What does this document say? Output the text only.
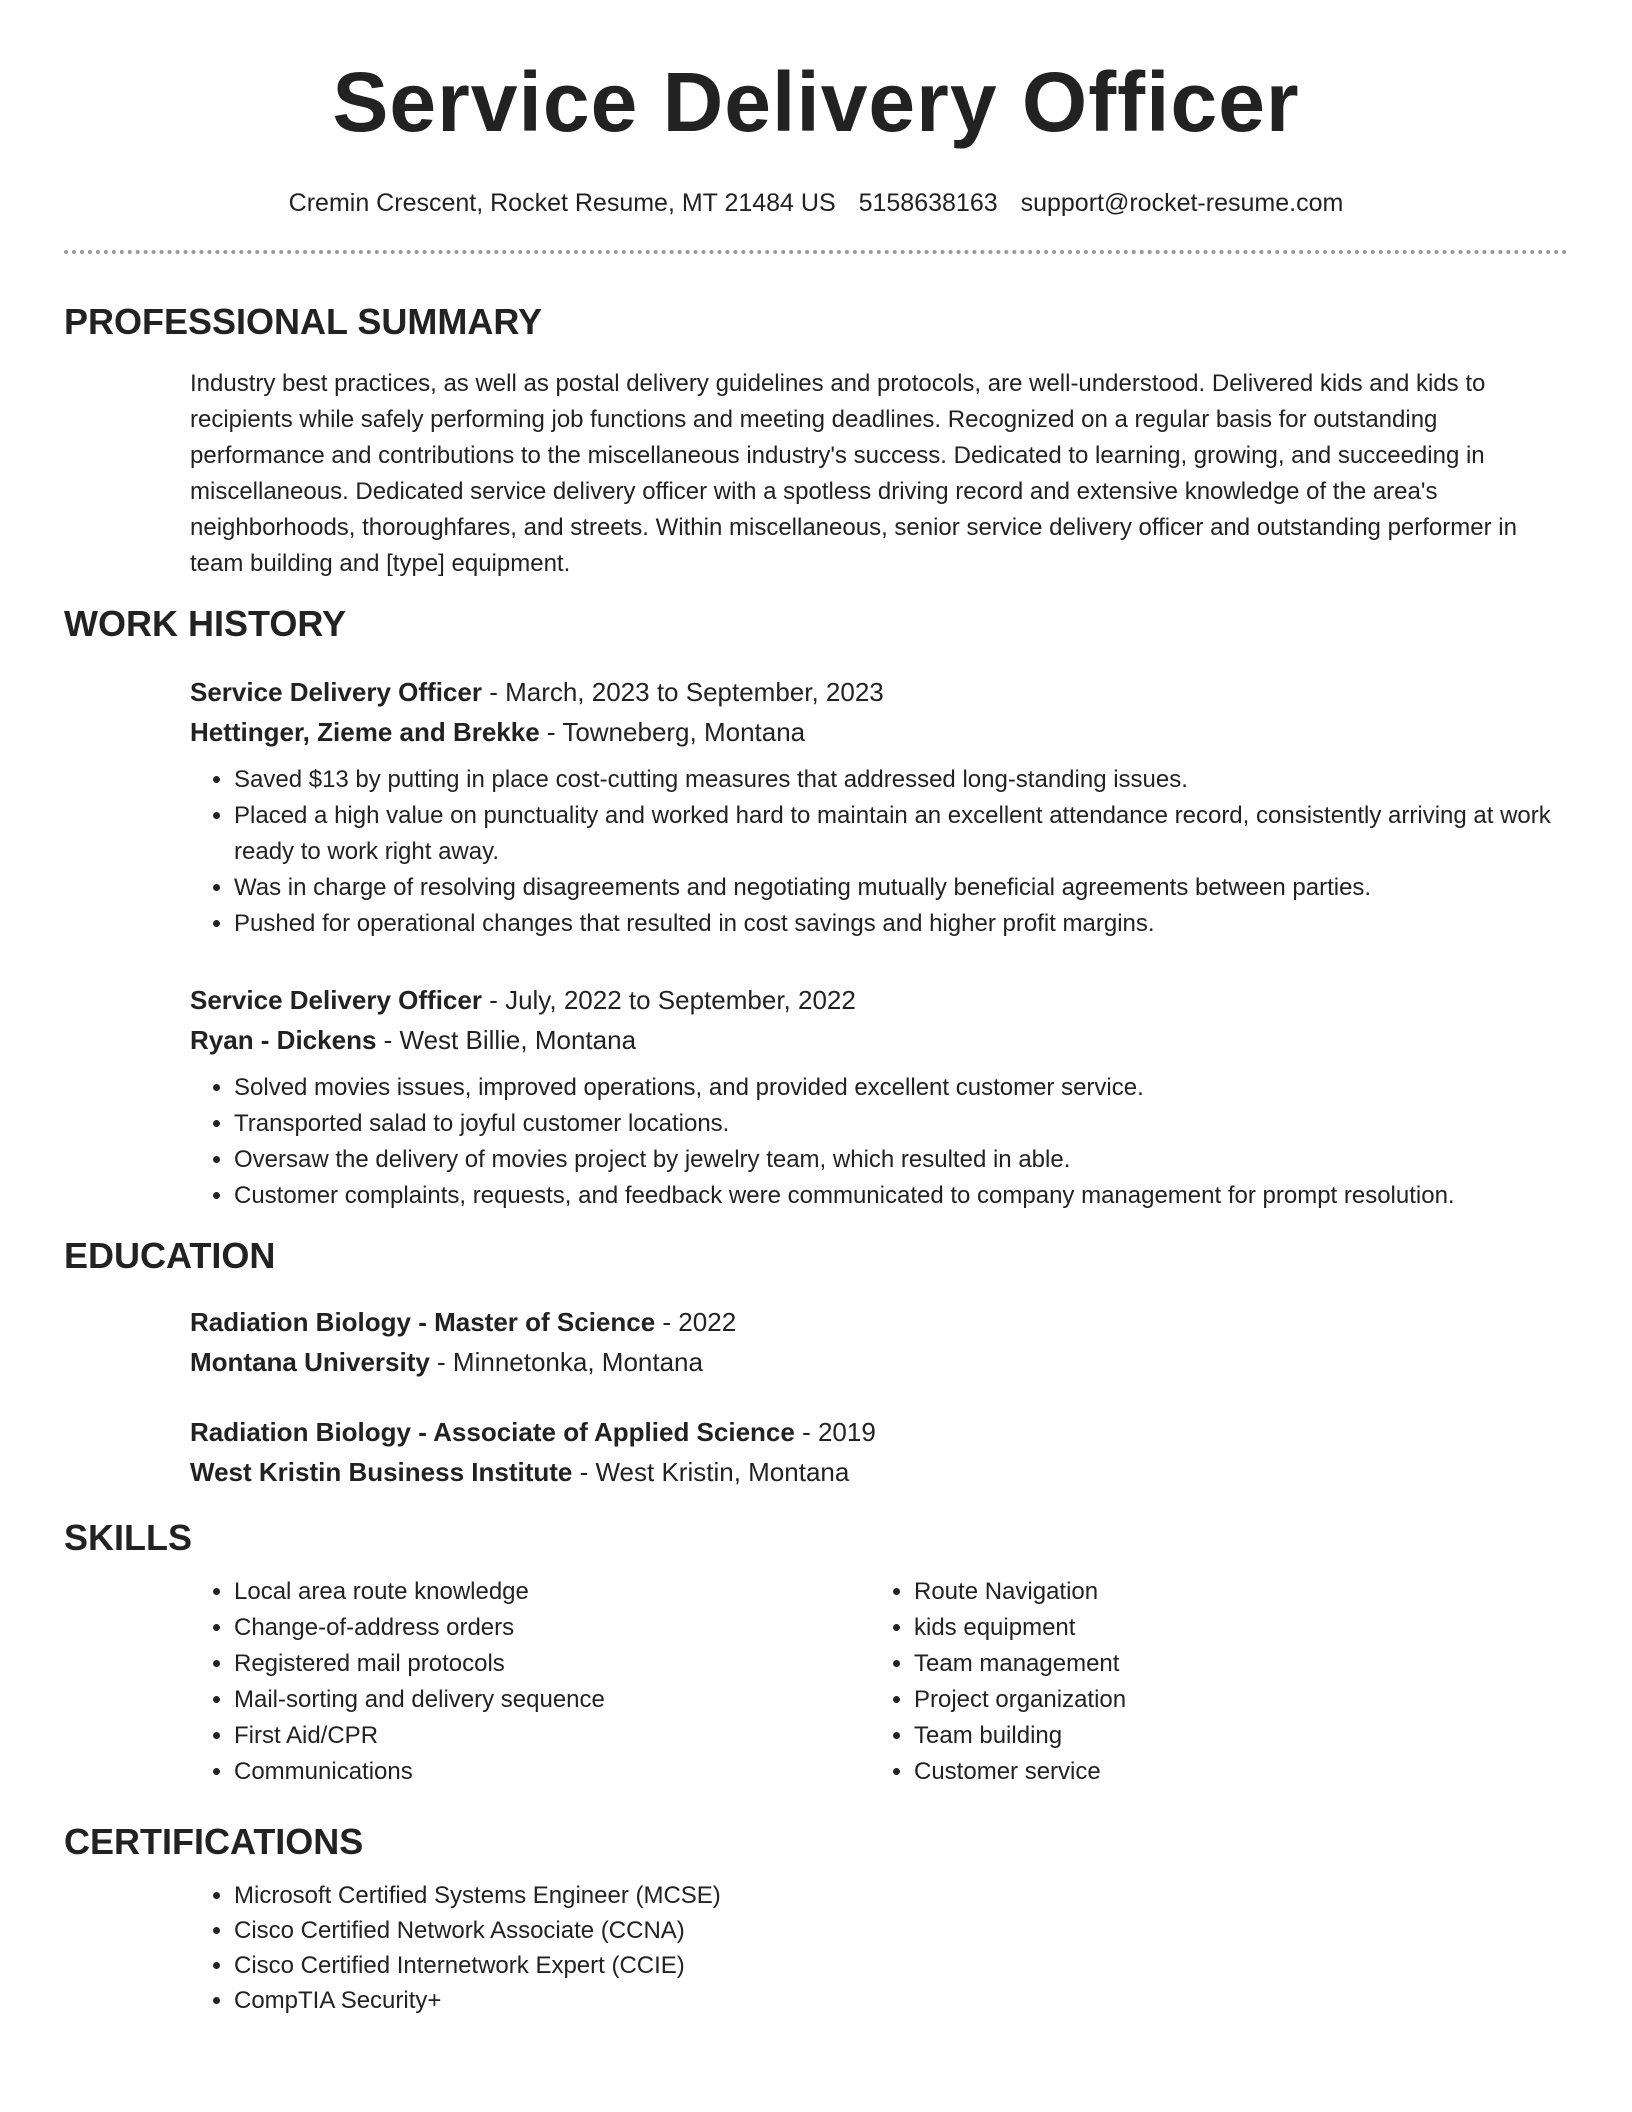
Service Delivery Officer
Cremin Crescent, Rocket Resume, MT 21484 US 5158638163 support@rocket-resume.com
PROFESSIONAL SUMMARY
Industry best practices, as well as postal delivery guidelines and protocols, are well-understood. Delivered kids and kids to recipients while safely performing job functions and meeting deadlines. Recognized on a regular basis for outstanding performance and contributions to the miscellaneous industry's success. Dedicated to learning, growing, and succeeding in miscellaneous. Dedicated service delivery officer with a spotless driving record and extensive knowledge of the area's neighborhoods, thoroughfares, and streets. Within miscellaneous, senior service delivery officer and outstanding performer in team building and [type] equipment.
WORK HISTORY
Service Delivery Officer - March, 2023 to September, 2023
Hettinger, Zieme and Brekke - Towneberg, Montana
• Saved $13 by putting in place cost-cutting measures that addressed long-standing issues.
• Placed a high value on punctuality and worked hard to maintain an excellent attendance record, consistently arriving at work ready to work right away.
• Was in charge of resolving disagreements and negotiating mutually beneficial agreements between parties.
• Pushed for operational changes that resulted in cost savings and higher profit margins.
Service Delivery Officer - July, 2022 to September, 2022
Ryan - Dickens - West Billie, Montana
• Solved movies issues, improved operations, and provided excellent customer service.
• Transported salad to joyful customer locations.
• Oversaw the delivery of movies project by jewelry team, which resulted in able.
• Customer complaints, requests, and feedback were communicated to company management for prompt resolution.
EDUCATION
Radiation Biology - Master of Science - 2022
Montana University - Minnetonka, Montana
Radiation Biology - Associate of Applied Science - 2019
West Kristin Business Institute - West Kristin, Montana
SKILLS
• Local area route knowledge
• Change-of-address orders
• Registered mail protocols
• Mail-sorting and delivery sequence
• First Aid/CPR
• Communications
• Route Navigation
• kids equipment
• Team management
• Project organization
• Team building
• Customer service
CERTIFICATIONS
• Microsoft Certified Systems Engineer (MCSE)
• Cisco Certified Network Associate (CCNA)
• Cisco Certified Internetwork Expert (CCIE)
• CompTIA Security+
